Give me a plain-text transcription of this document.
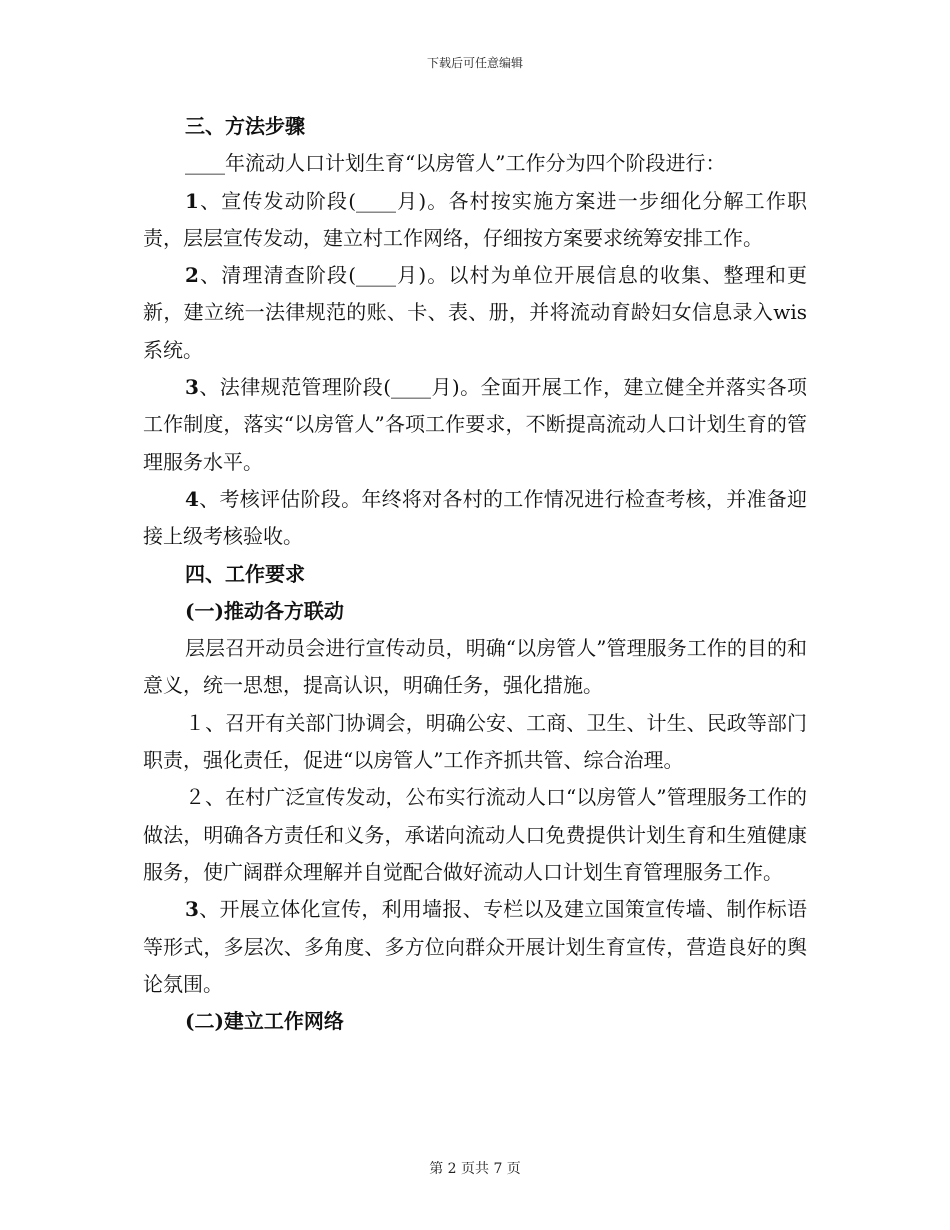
下载后可任意编辑

三、方法步骤

____年流动人口计划生育“以房管人”工作分为四个阶段进行：

1、宣传发动阶段(____月)。各村按实施方案进一步细化分解工作职责，层层宣传发动，建立村工作网络，仔细按方案要求统筹安排工作。

2、清理清查阶段(____月)。以村为单位开展信息的收集、整理和更新，建立统一法律规范的账、卡、表、册，并将流动育龄妇女信息录入wis系统。

3、法律规范管理阶段(____月)。全面开展工作，建立健全并落实各项工作制度，落实“以房管人”各项工作要求，不断提高流动人口计划生育的管理服务水平。

4、考核评估阶段。年终将对各村的工作情况进行检查考核，并准备迎接上级考核验收。

四、工作要求

(一)推动各方联动

层层召开动员会进行宣传动员，明确“以房管人”管理服务工作的目的和意义，统一思想，提高认识，明确任务，强化措施。

１、召开有关部门协调会，明确公安、工商、卫生、计生、民政等部门职责，强化责任，促进“以房管人”工作齐抓共管、综合治理。

２、在村广泛宣传发动，公布实行流动人口“以房管人”管理服务工作的做法，明确各方责任和义务，承诺向流动人口免费提供计划生育和生殖健康服务，使广阔群众理解并自觉配合做好流动人口计划生育管理服务工作。

3、开展立体化宣传，利用墙报、专栏以及建立国策宣传墙、制作标语等形式，多层次、多角度、多方位向群众开展计划生育宣传，营造良好的舆论氛围。

(二)建立工作网络

第 2 页共 7 页
